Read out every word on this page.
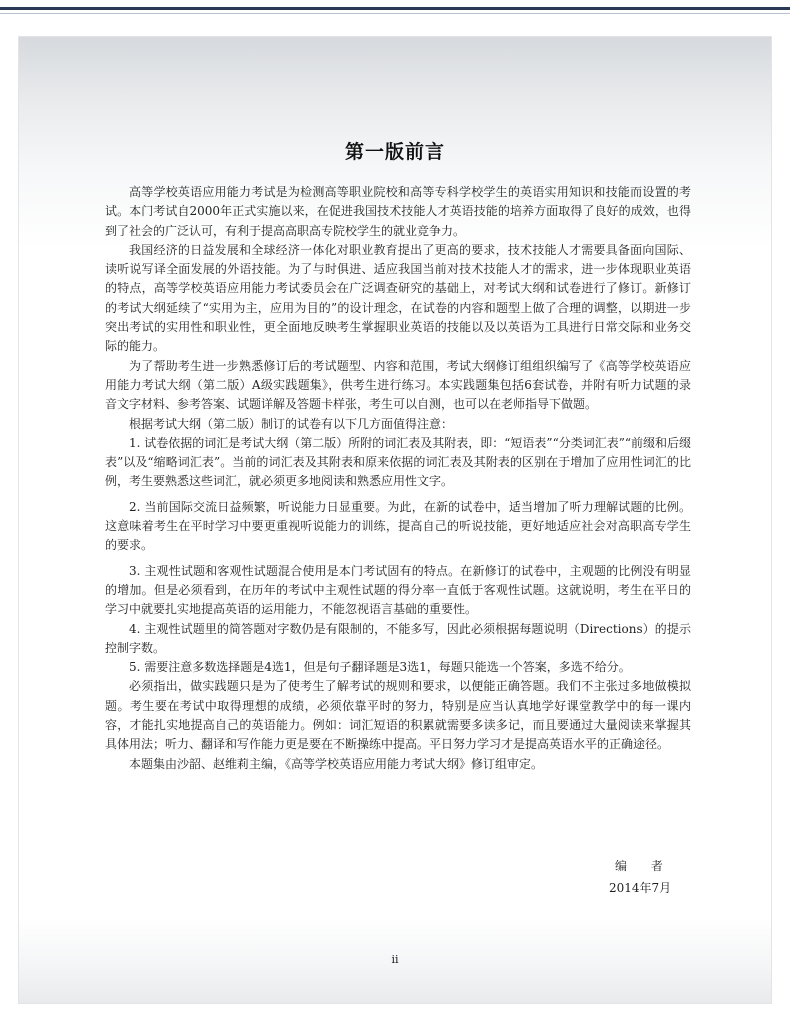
第一版前言

高等学校英语应用能力考试是为检测高等职业院校和高等专科学校学生的英语实用知识和技能而设置的考试。本门考试自2000年正式实施以来，在促进我国技术技能人才英语技能的培养方面取得了良好的成效，也得到了社会的广泛认可，有利于提高高职高专院校学生的就业竞争力。

我国经济的日益发展和全球经济一体化对职业教育提出了更高的要求，技术技能人才需要具备面向国际、读听说写译全面发展的外语技能。为了与时俱进、适应我国当前对技术技能人才的需求，进一步体现职业英语的特点，高等学校英语应用能力考试委员会在广泛调查研究的基础上，对考试大纲和试卷进行了修订。新修订的考试大纲延续了“实用为主，应用为目的”的设计理念，在试卷的内容和题型上做了合理的调整，以期进一步突出考试的实用性和职业性，更全面地反映考生掌握职业英语的技能以及以英语为工具进行日常交际和业务交际的能力。

为了帮助考生进一步熟悉修订后的考试题型、内容和范围，考试大纲修订组组织编写了《高等学校英语应用能力考试大纲（第二版）A级实践题集》，供考生进行练习。本实践题集包括6套试卷，并附有听力试题的录音文字材料、参考答案、试题详解及答题卡样张，考生可以自测，也可以在老师指导下做题。

根据考试大纲（第二版）制订的试卷有以下几方面值得注意：

1. 试卷依据的词汇是考试大纲（第二版）所附的词汇表及其附表，即：“短语表”“分类词汇表”“前缀和后缀表”以及“缩略词汇表”。当前的词汇表及其附表和原来依据的词汇表及其附表的区别在于增加了应用性词汇的比例，考生要熟悉这些词汇，就必须更多地阅读和熟悉应用性文字。

2. 当前国际交流日益频繁，听说能力日显重要。为此，在新的试卷中，适当增加了听力理解试题的比例。这意味着考生在平时学习中要更重视听说能力的训练，提高自己的听说技能，更好地适应社会对高职高专学生的要求。

3. 主观性试题和客观性试题混合使用是本门考试固有的特点。在新修订的试卷中，主观题的比例没有明显的增加。但是必须看到，在历年的考试中主观性试题的得分率一直低于客观性试题。这就说明，考生在平日的学习中就要扎实地提高英语的运用能力，不能忽视语言基础的重要性。

4. 主观性试题里的简答题对字数仍是有限制的，不能多写，因此必须根据每题说明（Directions）的提示控制字数。

5. 需要注意多数选择题是4选1，但是句子翻译题是3选1，每题只能选一个答案，多选不给分。

必须指出，做实践题只是为了使考生了解考试的规则和要求，以便能正确答题。我们不主张过多地做模拟题。考生要在考试中取得理想的成绩，必须依靠平时的努力，特别是应当认真地学好课堂教学中的每一课内容，才能扎实地提高自己的英语能力。例如：词汇短语的积累就需要多读多记，而且要通过大量阅读来掌握其具体用法；听力、翻译和写作能力更是要在不断操练中提高。平日努力学习才是提高英语水平的正确途径。

本题集由沙韶、赵维莉主编，《高等学校英语应用能力考试大纲》修订组审定。

编 者
2014年7月
ii
